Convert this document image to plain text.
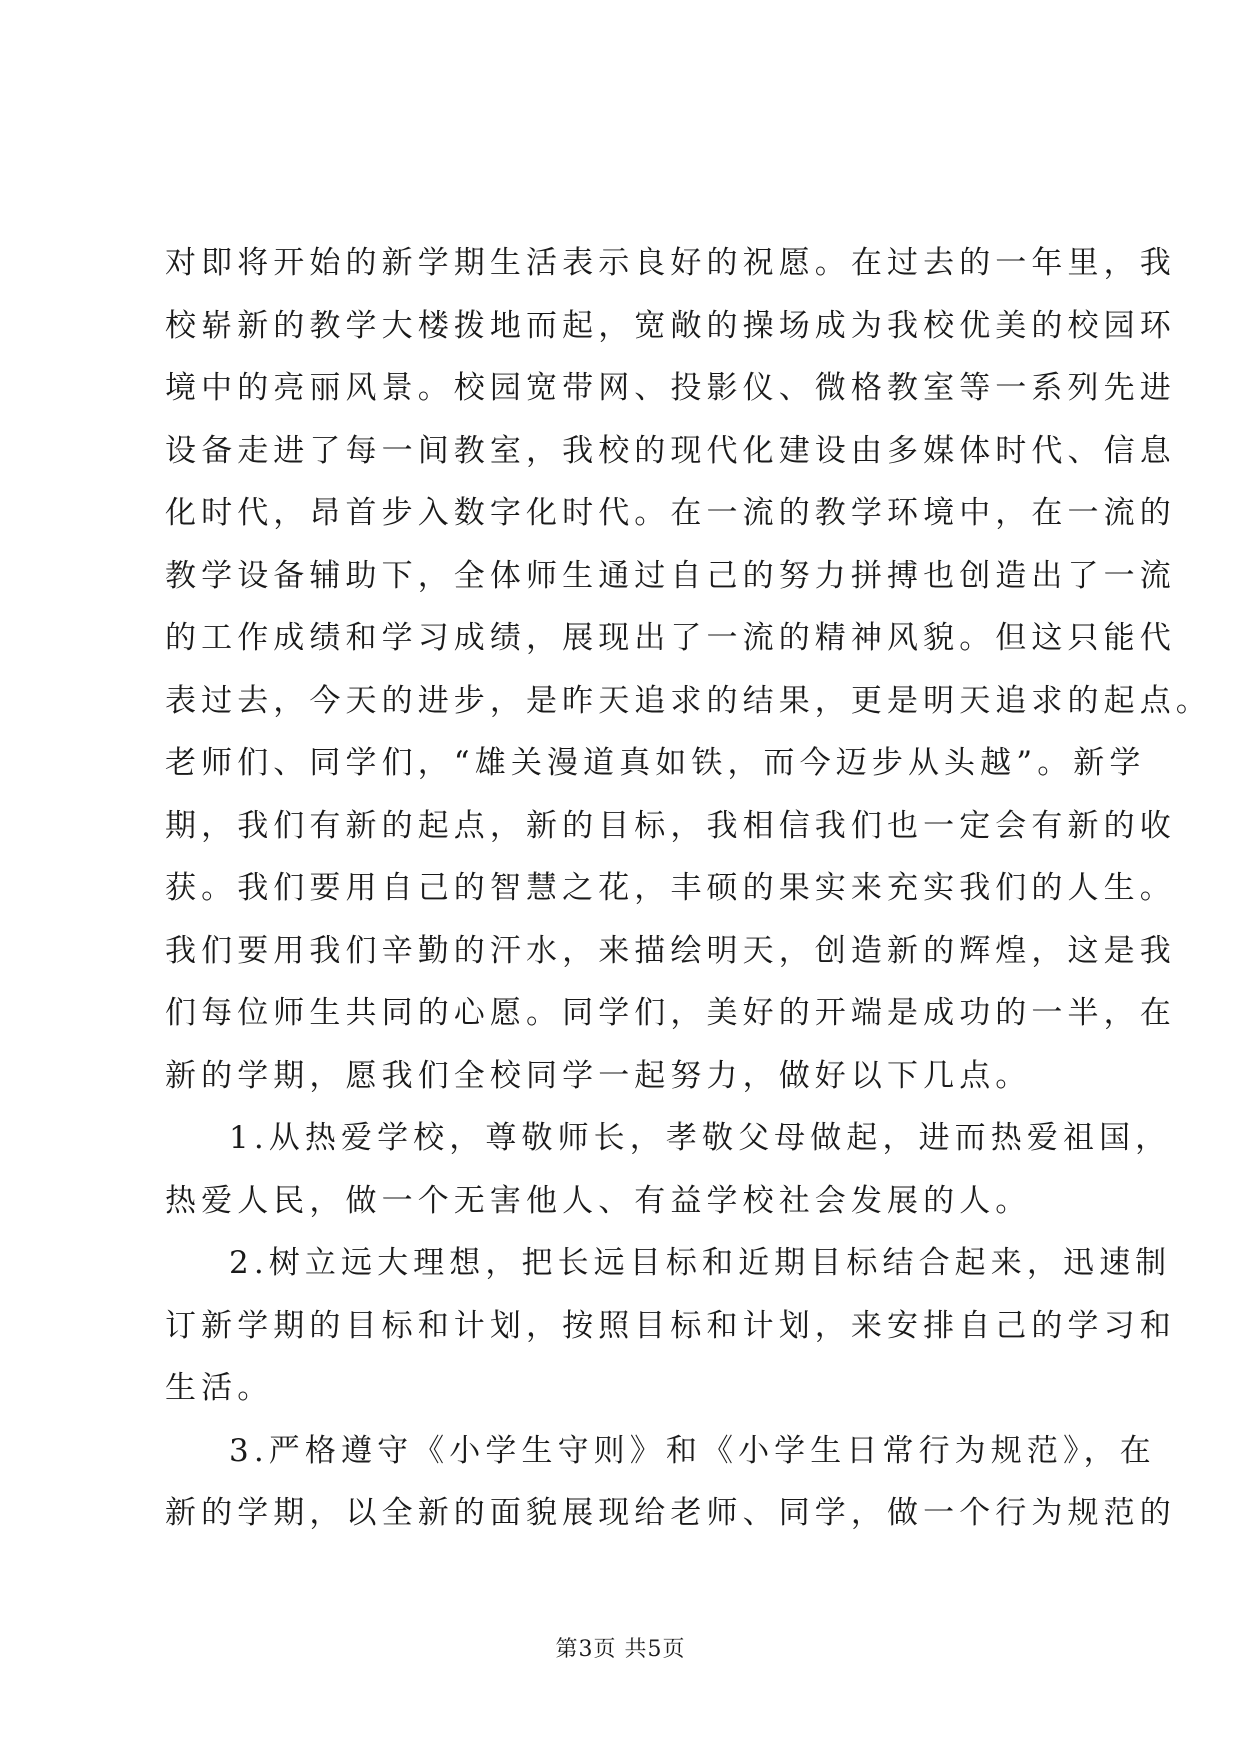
对即将开始的新学期生活表示良好的祝愿。在过去的一年里，我
校崭新的教学大楼拨地而起，宽敞的操场成为我校优美的校园环
境中的亮丽风景。校园宽带网、投影仪、微格教室等一系列先进
设备走进了每一间教室，我校的现代化建设由多媒体时代、信息
化时代，昂首步入数字化时代。在一流的教学环境中，在一流的
教学设备辅助下，全体师生通过自己的努力拼搏也创造出了一流
的工作成绩和学习成绩，展现出了一流的精神风貌。但这只能代
表过去，今天的进步，是昨天追求的结果，更是明天追求的起点。
老师们、同学们，“雄关漫道真如铁，而今迈步从头越”。新学
期，我们有新的起点，新的目标，我相信我们也一定会有新的收
获。我们要用自己的智慧之花，丰硕的果实来充实我们的人生。
我们要用我们辛勤的汗水，来描绘明天，创造新的辉煌，这是我
们每位师生共同的心愿。同学们，美好的开端是成功的一半，在
新的学期，愿我们全校同学一起努力，做好以下几点。
1.从热爱学校，尊敬师长，孝敬父母做起，进而热爱祖国，
热爱人民，做一个无害他人、有益学校社会发展的人。
2.树立远大理想，把长远目标和近期目标结合起来，迅速制
订新学期的目标和计划，按照目标和计划，来安排自己的学习和
生活。
3.严格遵守《小学生守则》和《小学生日常行为规范》，在
新的学期，以全新的面貌展现给老师、同学，做一个行为规范的
第3页 共5页
